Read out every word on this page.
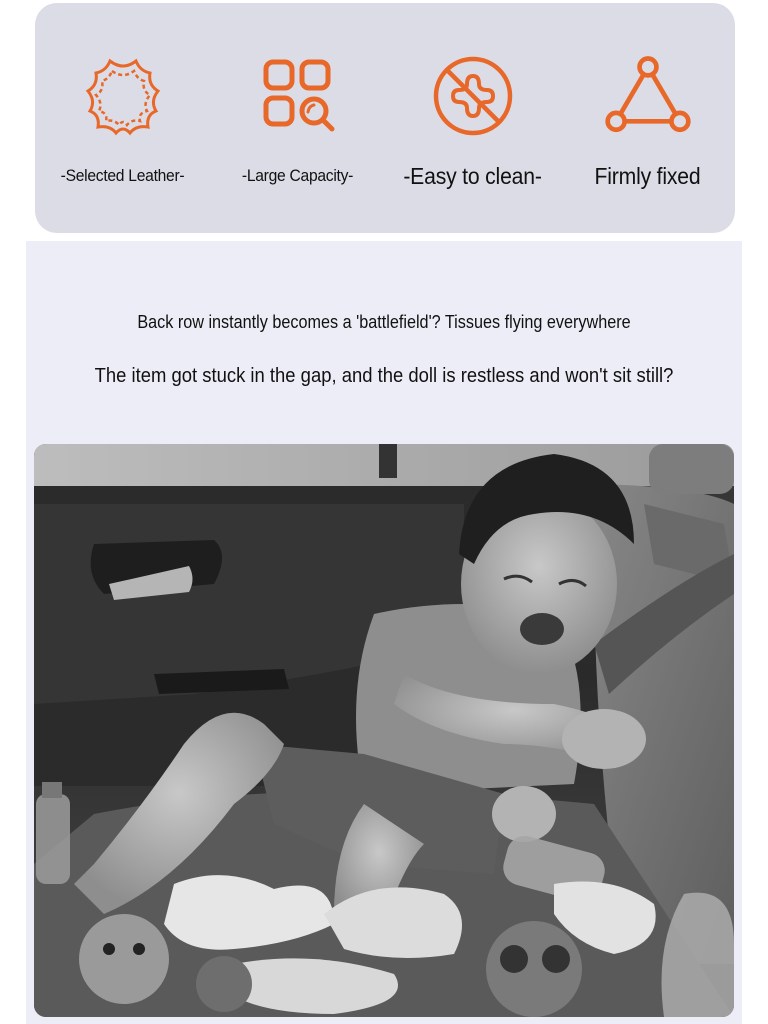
-Selected Leather-	-Large Capacity-	-Easy to clean-	Firmly fixed
Back row instantly becomes a 'battlefield'? Tissues flying everywhere
The item got stuck in the gap, and the doll is restless and won't sit still?
